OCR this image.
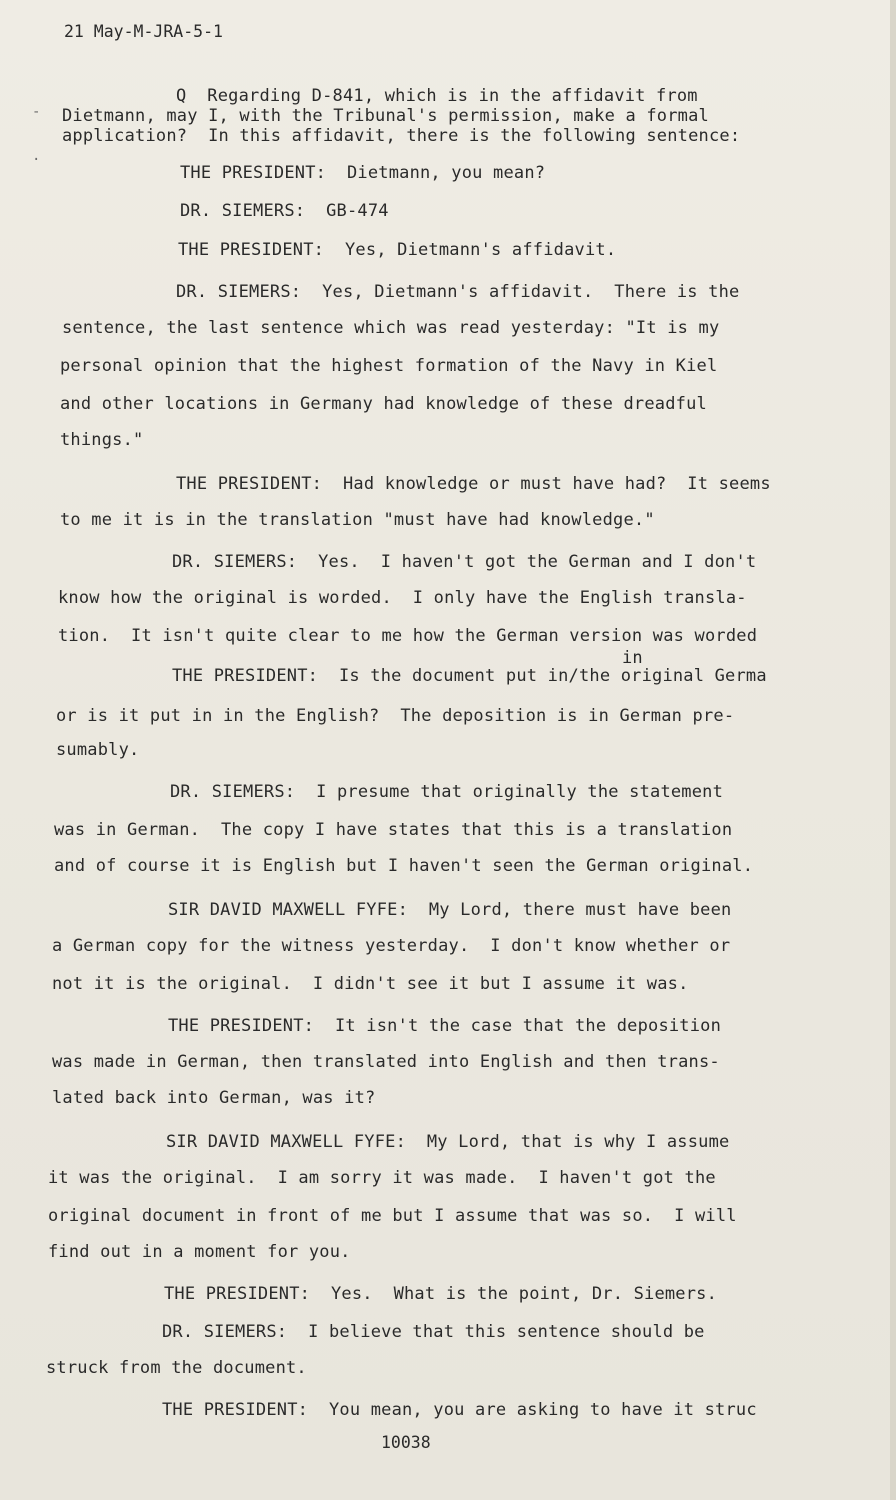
21 May-M-JRA-5-1
-
·
Q  Regarding D-841, which is in the affidavit from
Dietmann, may I, with the Tribunal's permission, make a formal
application?  In this affidavit, there is the following sentence:
THE PRESIDENT:  Dietmann, you mean?
DR. SIEMERS:  GB-474
THE PRESIDENT:  Yes, Dietmann's affidavit.
DR. SIEMERS:  Yes, Dietmann's affidavit.  There is the
sentence, the last sentence which was read yesterday: "It is my
personal opinion that the highest formation of the Navy in Kiel
and other locations in Germany had knowledge of these dreadful
things."
THE PRESIDENT:  Had knowledge or must have had?  It seems
to me it is in the translation "must have had knowledge."
DR. SIEMERS:  Yes.  I haven't got the German and I don't
know how the original is worded.  I only have the English transla-
tion.  It isn't quite clear to me how the German version was worded
in
THE PRESIDENT:  Is the document put in/the original Germa
or is it put in in the English?  The deposition is in German pre-
sumably.
DR. SIEMERS:  I presume that originally the statement
was in German.  The copy I have states that this is a translation
and of course it is English but I haven't seen the German original.
SIR DAVID MAXWELL FYFE:  My Lord, there must have been
a German copy for the witness yesterday.  I don't know whether or
not it is the original.  I didn't see it but I assume it was.
THE PRESIDENT:  It isn't the case that the deposition
was made in German, then translated into English and then trans-
lated back into German, was it?
SIR DAVID MAXWELL FYFE:  My Lord, that is why I assume
it was the original.  I am sorry it was made.  I haven't got the
original document in front of me but I assume that was so.  I will
find out in a moment for you.
THE PRESIDENT:  Yes.  What is the point, Dr. Siemers.
DR. SIEMERS:  I believe that this sentence should be
struck from the document.
THE PRESIDENT:  You mean, you are asking to have it struc
10038
